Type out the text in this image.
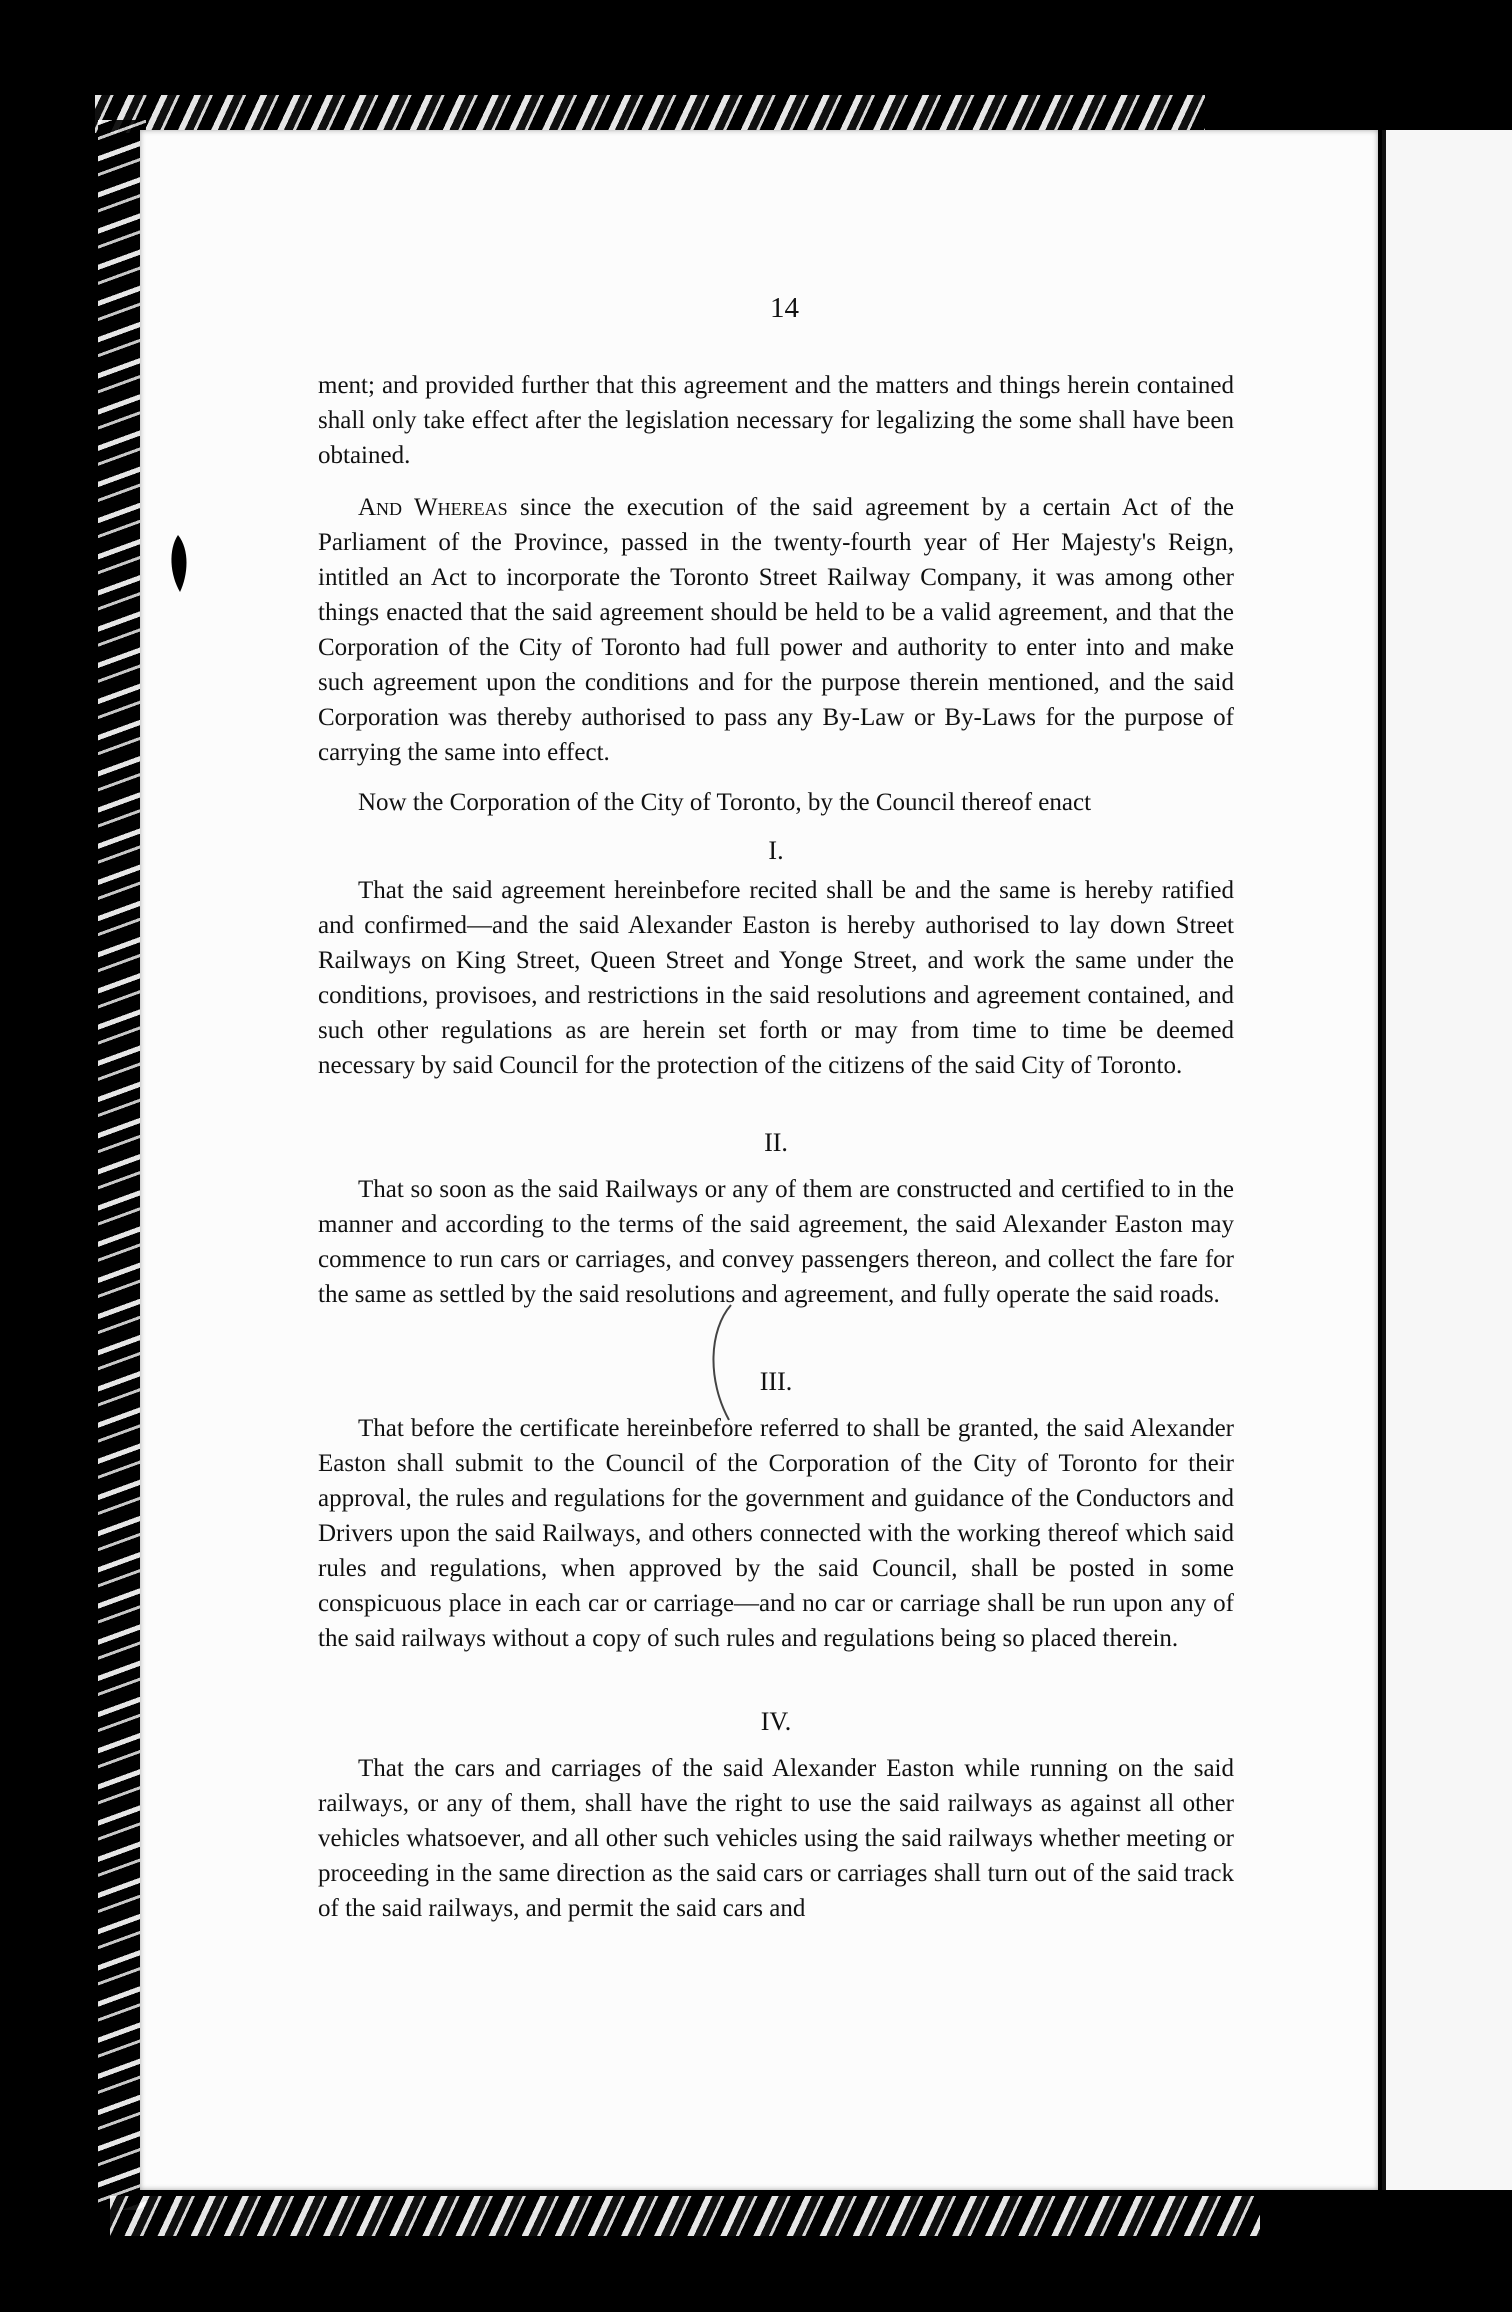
14

ment; and provided further that this agreement and the matters and things herein contained shall only take effect after the legislation necessary for legalizing the some shall have been obtained.

And Whereas since the execution of the said agreement by a certain Act of the Parliament of the Province, passed in the twenty-fourth year of Her Majesty's Reign, intitled an Act to incorporate the Toronto Street Railway Company, it was among other things enacted that the said agreement should be held to be a valid agreement, and that the Corporation of the City of Toronto had full power and authority to enter into and make such agreement upon the conditions and for the purpose therein mentioned, and the said Corporation was thereby authorised to pass any By-Law or By-Laws for the purpose of carrying the same into effect.

Now the Corporation of the City of Toronto, by the Council thereof enact

I.

That the said agreement hereinbefore recited shall be and the same is hereby ratified and confirmed—and the said Alexander Easton is hereby authorised to lay down Street Railways on King Street, Queen Street and Yonge Street, and work the same under the conditions, provisoes, and restrictions in the said resolutions and agreement contained, and such other regulations as are herein set forth or may from time to time be deemed necessary by said Council for the protection of the citizens of the said City of Toronto.

II.

That so soon as the said Railways or any of them are constructed and certified to in the manner and according to the terms of the said agreement, the said Alexander Easton may commence to run cars or carriages, and convey passengers thereon, and collect the fare for the same as settled by the said resolutions and agreement, and fully operate the said roads.

III.

That before the certificate hereinbefore referred to shall be granted, the said Alexander Easton shall submit to the Council of the Corporation of the City of Toronto for their approval, the rules and regulations for the government and guidance of the Conductors and Drivers upon the said Railways, and others connected with the working thereof which said rules and regulations, when approved by the said Council, shall be posted in some conspicuous place in each car or carriage—and no car or carriage shall be run upon any of the said railways without a copy of such rules and regulations being so placed therein.

IV.

That the cars and carriages of the said Alexander Easton while running on the said railways, or any of them, shall have the right to use the said railways as against all other vehicles whatsoever, and all other such vehicles using the said railways whether meeting or proceeding in the same direction as the said cars or carriages shall turn out of the said track of the said railways, and permit the said cars and
